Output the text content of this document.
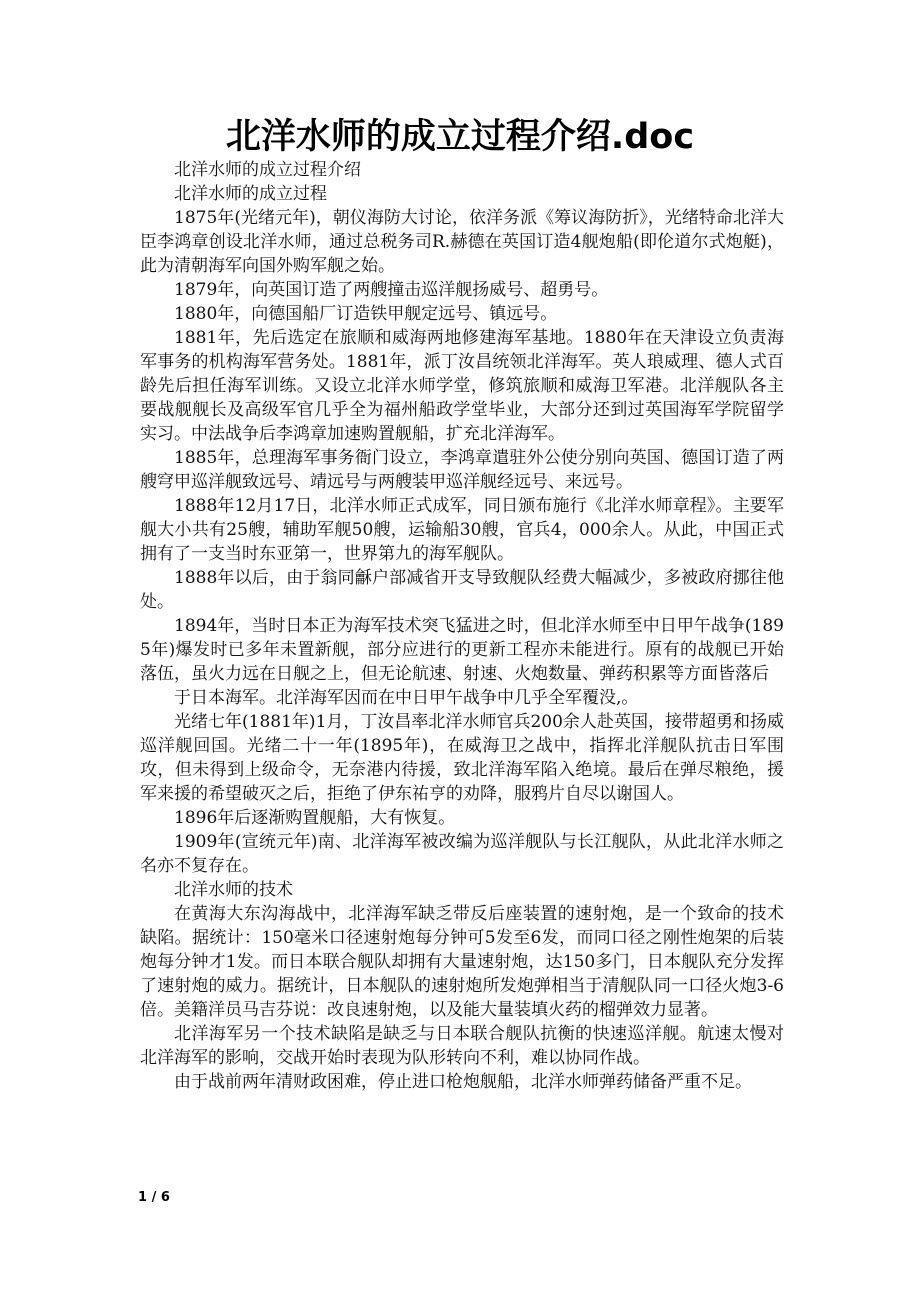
北洋水师的成立过程介绍.doc

北洋水师的成立过程介绍

北洋水师的成立过程

1875年(光绪元年)，朝仪海防大讨论，依洋务派《筹议海防折》，光绪特命北洋大臣李鸿章创设北洋水师，通过总税务司R.赫德在英国订造4舰炮船(即伦道尔式炮艇)，此为清朝海军向国外购军舰之始。

1879年，向英国订造了两艘撞击巡洋舰扬威号、超勇号。

1880年，向德国船厂订造铁甲舰定远号、镇远号。

1881年，先后选定在旅顺和威海两地修建海军基地。1880年在天津设立负责海军事务的机构海军营务处。1881年，派丁汝昌统领北洋海军。英人琅威理、德人式百龄先后担任海军训练。又设立北洋水师学堂，修筑旅顺和威海卫军港。北洋舰队各主要战舰舰长及高级军官几乎全为福州船政学堂毕业，大部分还到过英国海军学院留学实习。中法战争后李鸿章加速购置舰船，扩充北洋海军。

1885年，总理海军事务衙门设立，李鸿章遣驻外公使分别向英国、德国订造了两艘穹甲巡洋舰致远号、靖远号与两艘装甲巡洋舰经远号、来远号。

1888年12月17日，北洋水师正式成军，同日颁布施行《北洋水师章程》。主要军舰大小共有25艘，辅助军舰50艘，运输船30艘，官兵4，000余人。从此，中国正式拥有了一支当时东亚第一，世界第九的海军舰队。

1888年以后，由于翁同龢户部减省开支导致舰队经费大幅减少，多被政府挪往他处。

1894年，当时日本正为海军技术突飞猛进之时，但北洋水师至中日甲午战争(1895年)爆发时已多年未置新舰，部分应进行的更新工程亦未能进行。原有的战舰已开始落伍，虽火力远在日舰之上，但无论航速、射速、火炮数量、弹药积累等方面皆落后

于日本海军。北洋海军因而在中日甲午战争中几乎全军覆没,。

光绪七年(1881年)1月，丁汝昌率北洋水师官兵200余人赴英国，接带超勇和扬威巡洋舰回国。光绪二十一年(1895年)，在威海卫之战中，指挥北洋舰队抗击日军围攻，但未得到上级命令，无奈港内待援，致北洋海军陷入绝境。最后在弹尽粮绝，援军来援的希望破灭之后，拒绝了伊东祐亨的劝降，服鸦片自尽以谢国人。

1896年后逐渐购置舰船，大有恢复。

1909年(宣统元年)南、北洋海军被改编为巡洋舰队与长江舰队，从此北洋水师之名亦不复存在。

北洋水师的技术

在黄海大东沟海战中，北洋海军缺乏带反后座装置的速射炮，是一个致命的技术缺陷。据统计：150毫米口径速射炮每分钟可5发至6发，而同口径之刚性炮架的后装炮每分钟才1发。而日本联合舰队却拥有大量速射炮，达150多门，日本舰队充分发挥了速射炮的威力。据统计，日本舰队的速射炮所发炮弹相当于清舰队同一口径火炮3-6倍。美籍洋员马吉芬说：改良速射炮，以及能大量装填火药的榴弹效力显著。

北洋海军另一个技术缺陷是缺乏与日本联合舰队抗衡的快速巡洋舰。航速太慢对北洋海军的影响，交战开始时表现为队形转向不利，难以协同作战。

由于战前两年清财政困难，停止进口枪炮舰船，北洋水师弹药储备严重不足。

1 / 6
